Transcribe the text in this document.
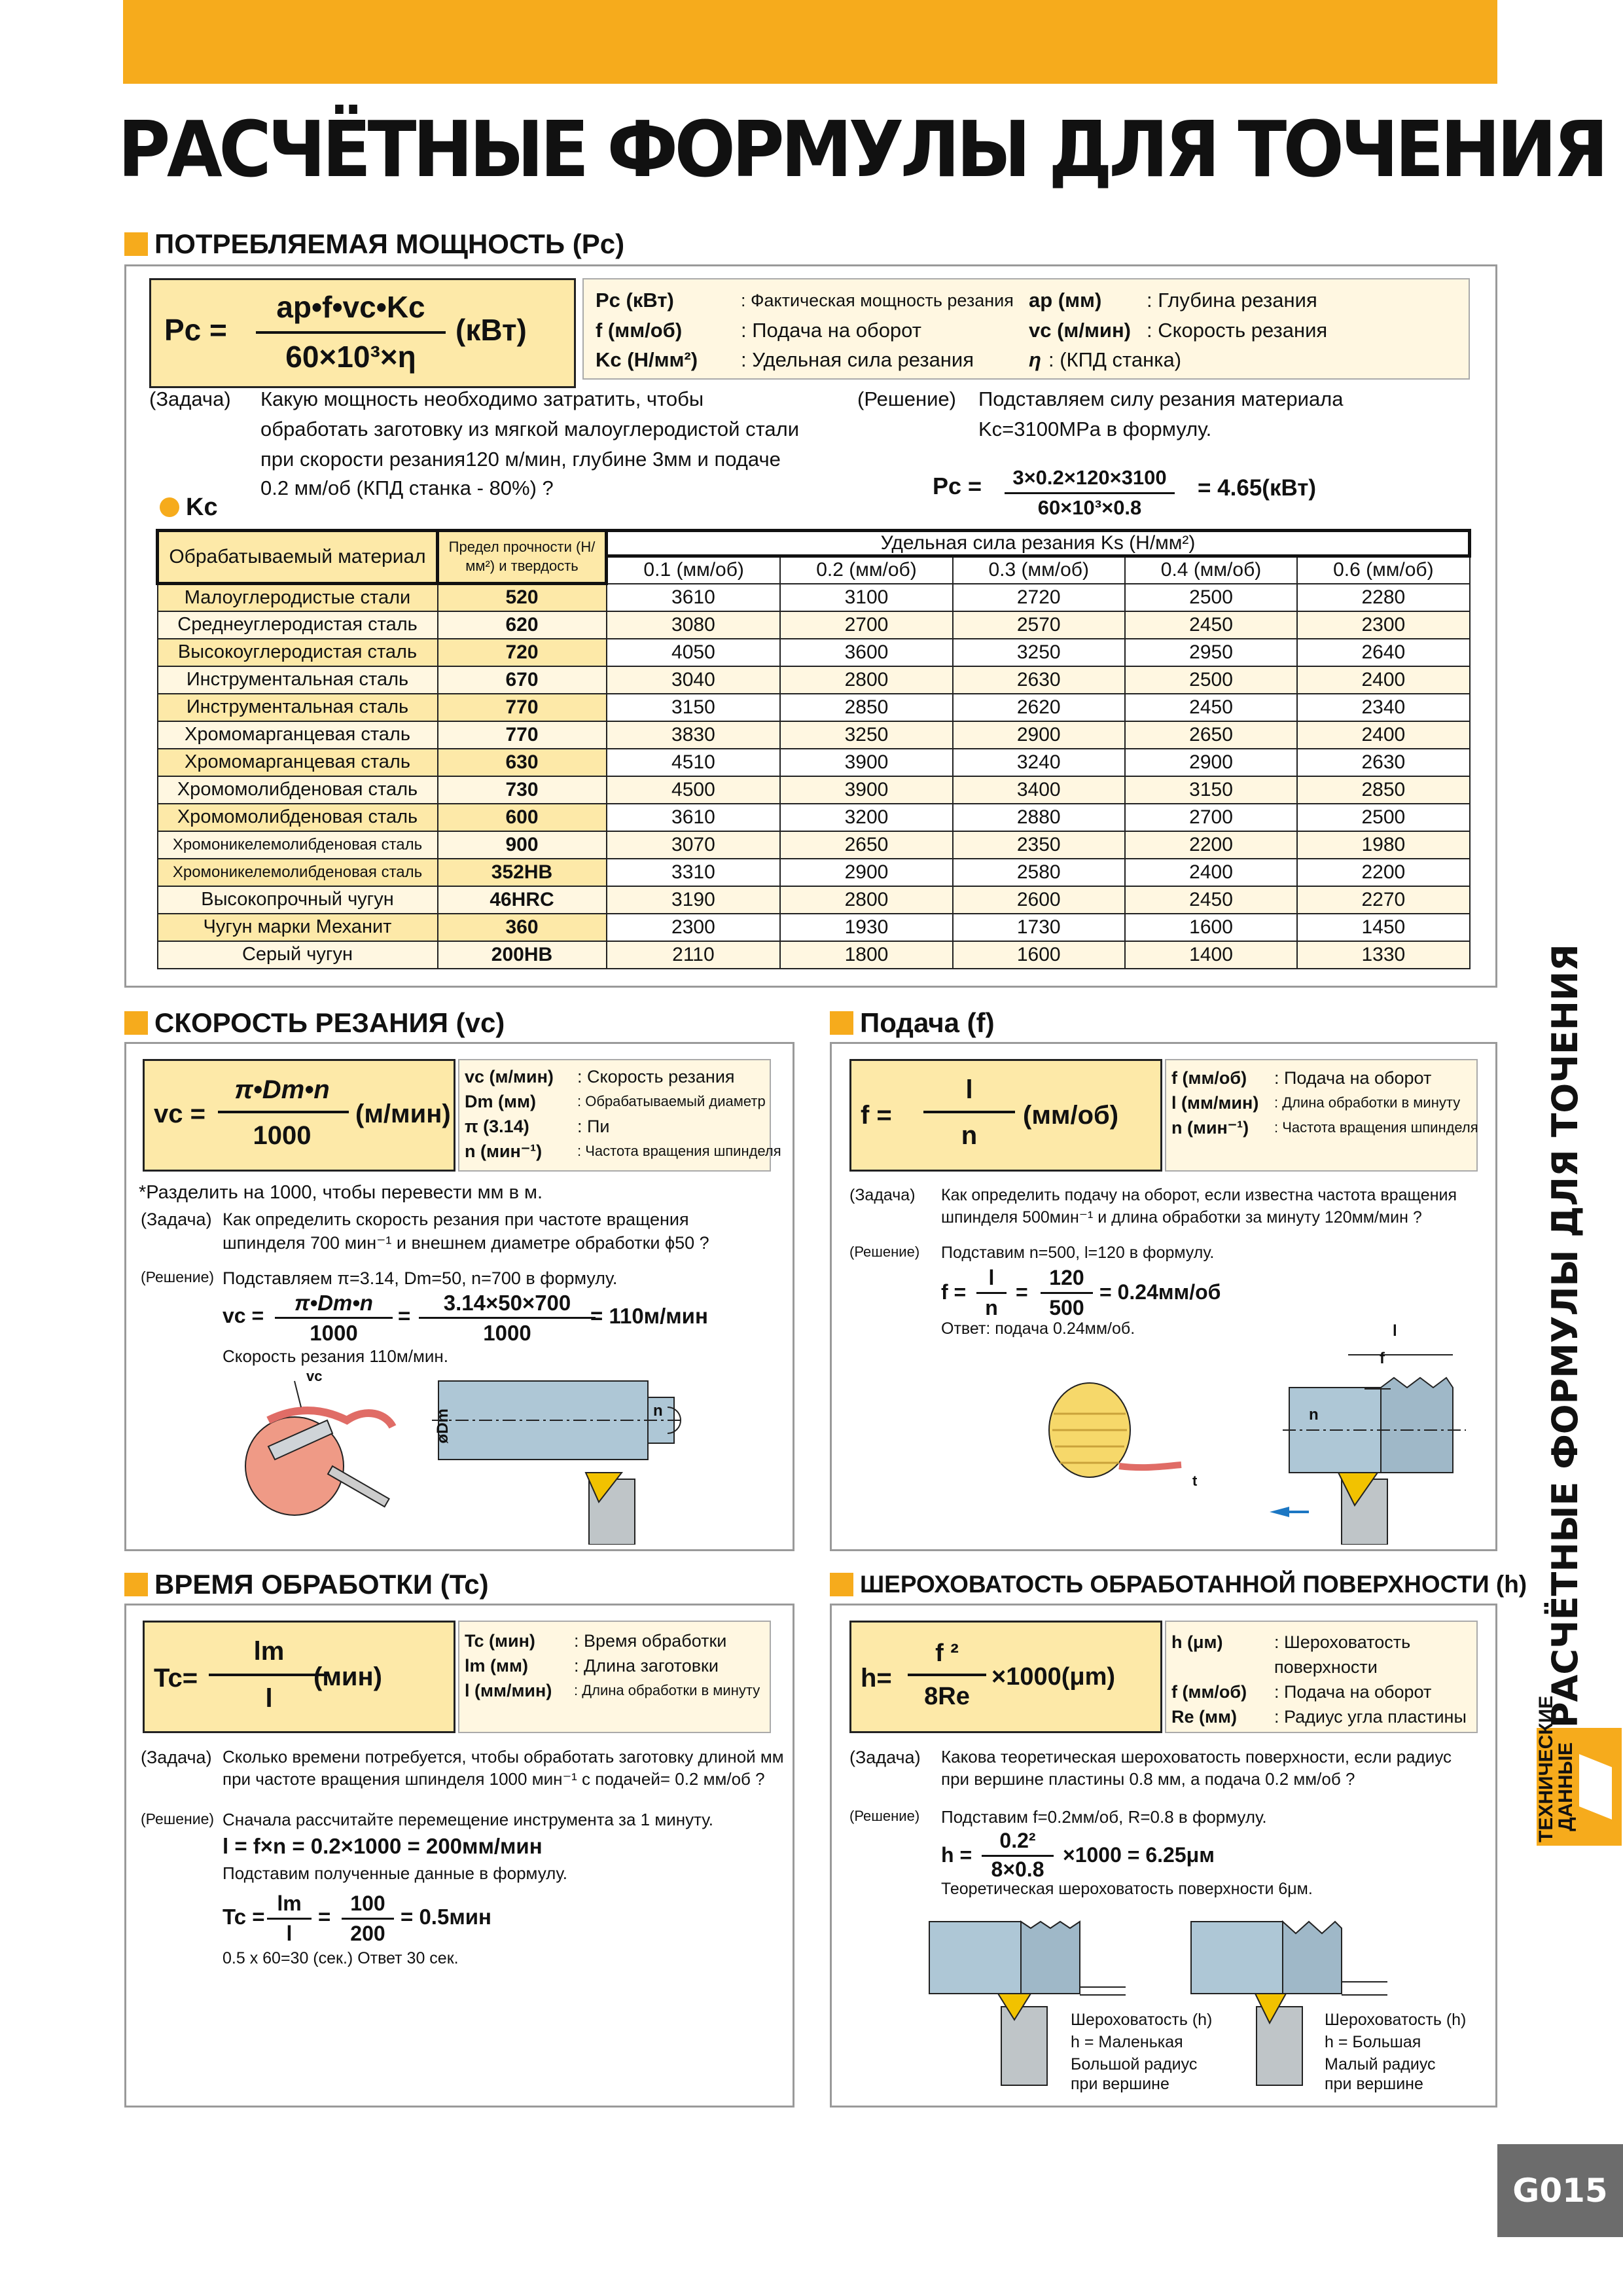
РАСЧЁТНЫЕ ФОРМУЛЫ ДЛЯ ТОЧЕНИЯ
ПОТРЕБЛЯЕМАЯ МОЩНОСТЬ (Pc)
Pc =
ap•f•vc•Kc
60×10³×η
(кВт)
Pc (кВт)	: Фактическая мощность резания
f (мм/об)	: Подача на оборот
Kc (Н/мм²) : Удельная сила резания
ap (мм) : Глубина резания
vc (м/мин) : Скорость резания
η : (КПД станка)
(Задача) Какую мощность необходимо затратить, чтобы
обработать заготовку из мягкой малоуглеродистой стали
при скорости резания120 м/мин, глубине 3мм и подаче
0.2 мм/об (КПД станка - 80%) ?
(Решение) Подставляем силу резания материала
Kc=3100MPa в формулу.
Pc =	3×0.2×120×3100
60×10³×0.8
= 4.65(кВт)
Kc
Обрабатываемый материал	Предел прочности (Н/мм²) и твердость	Удельная сила резания Ks (Н/мм²)				
		0.1 (мм/об)	0.2 (мм/об)	0.3 (мм/об)	0.4 (мм/об)	0.6 (мм/об)
Малоуглеродистые стали	520	3610	3100	2720	2500	2280
Среднеуглеродистая сталь	620	3080	2700	2570	2450	2300
Высокоуглеродистая сталь	720	4050	3600	3250	2950	2640
Инструментальная сталь	670	3040	2800	2630	2500	2400
Инструментальная сталь	770	3150	2850	2620	2450	2340
Хромомарганцевая сталь	770	3830	3250	2900	2650	2400
Хромомарганцевая сталь	630	4510	3900	3240	2900	2630
Хромомолибденовая сталь	730	4500	3900	3400	3150	2850
Хромомолибденовая сталь	600	3610	3200	2880	2700	2500
Хромоникелемолибденовая сталь	900	3070	2650	2350	2200	1980
Хромоникелемолибденовая сталь	352HB	3310	2900	2580	2400	2200
Высокопрочный чугун	46HRC	3190	2800	2600	2450	2270
Чугун марки Механит	360	2300	1930	1730	1600	1450
Серый чугун	200HB	2110	1800	1600	1400	1330
СКОРОСТЬ РЕЗАНИЯ (vc)
vc =
π•Dm•n
1000
(м/мин)
vc (м/мин) : Скорость резания
Dm (мм)	: Обрабатываемый диаметр
π (3.14)	: Пи
n (мин⁻¹) : Частота вращения шпинделя
*Разделить на 1000, чтобы перевести мм в м.
(Задача) Как определить скорость резания при частоте вращения
шпинделя 700 мин⁻¹ и внешнем диаметре обработки ϕ50 ?
(Решение) Подставляем π=3.14, Dm=50, n=700 в формулу.
vc =
π•Dm•n
1000
=
3.14×50×700
1000
= 110м/мин
Скорость резания 110м/мин.
vc
øDm	n
Подача (f)
f =
l
n
(мм/об)
f (мм/об) : Подача на оборот
l (мм/мин) : Длина обработки в минуту
n (мин⁻¹) : Частота вращения шпинделя
(Задача) Как определить подачу на оборот, если известна частота вращения
шпинделя 500мин⁻¹ и длина обработки за минуту 120мм/мин ?
(Решение) Подставим n=500, l=120 в формулу.
f =
l
n
=
120
500
= 0.24мм/об
Ответ: подача 0.24мм/об.	l
f
n
t
ВРЕМЯ ОБРАБОТКИ (Tc)
Tc=
lm
l
(мин)
Tc (мин) : Время обработки
lm (мм)	: Длина заготовки
l (мм/мин) : Длина обработки в минуту
(Задача) Сколько времени потребуется, чтобы обработать заготовку длиной мм
при частоте вращения шпинделя 1000 мин⁻¹ с подачей= 0.2 мм/об ?
(Решение) Сначала рассчитайте перемещение инструмента за 1 минуту.
l = f×n = 0.2×1000 = 200мм/мин
Подставим полученные данные в формулу.
Tc =
lm
l
=
100
200
= 0.5мин
0.5 x 60=30 (сек.) Ответ 30 сек.
ШЕРОХОВАТОСТЬ ОБРАБОТАННОЙ ПОВЕРХНОСТИ (h)
h=
f ²
8Re
×1000(μm)
h (μм)	: Шероховатость
поверхности
f (мм/об) : Подача на оборот
Re (мм) : Радиус угла пластины
(Задача) Какова теоретическая шероховатость поверхности, если радиус
при вершине пластины 0.8 мм, а подача 0.2 мм/об ?
(Решение) Подставим f=0.2мм/об, R=0.8 в формулу.
h =
0.2²
8×0.8
×1000 = 6.25μм
Теоретическая шероховатость поверхности 6μм.
Шероховатость (h)
h = Маленькая
Большой радиус
при вершине
Шероховатость (h)
h = Большая
Малый радиус
при вершине
РАСЧЁТНЫЕ ФОРМУЛЫ ДЛЯ ТОЧЕНИЯ
ТЕХНИЧЕСКИЕ ДАННЫЕ
G015
